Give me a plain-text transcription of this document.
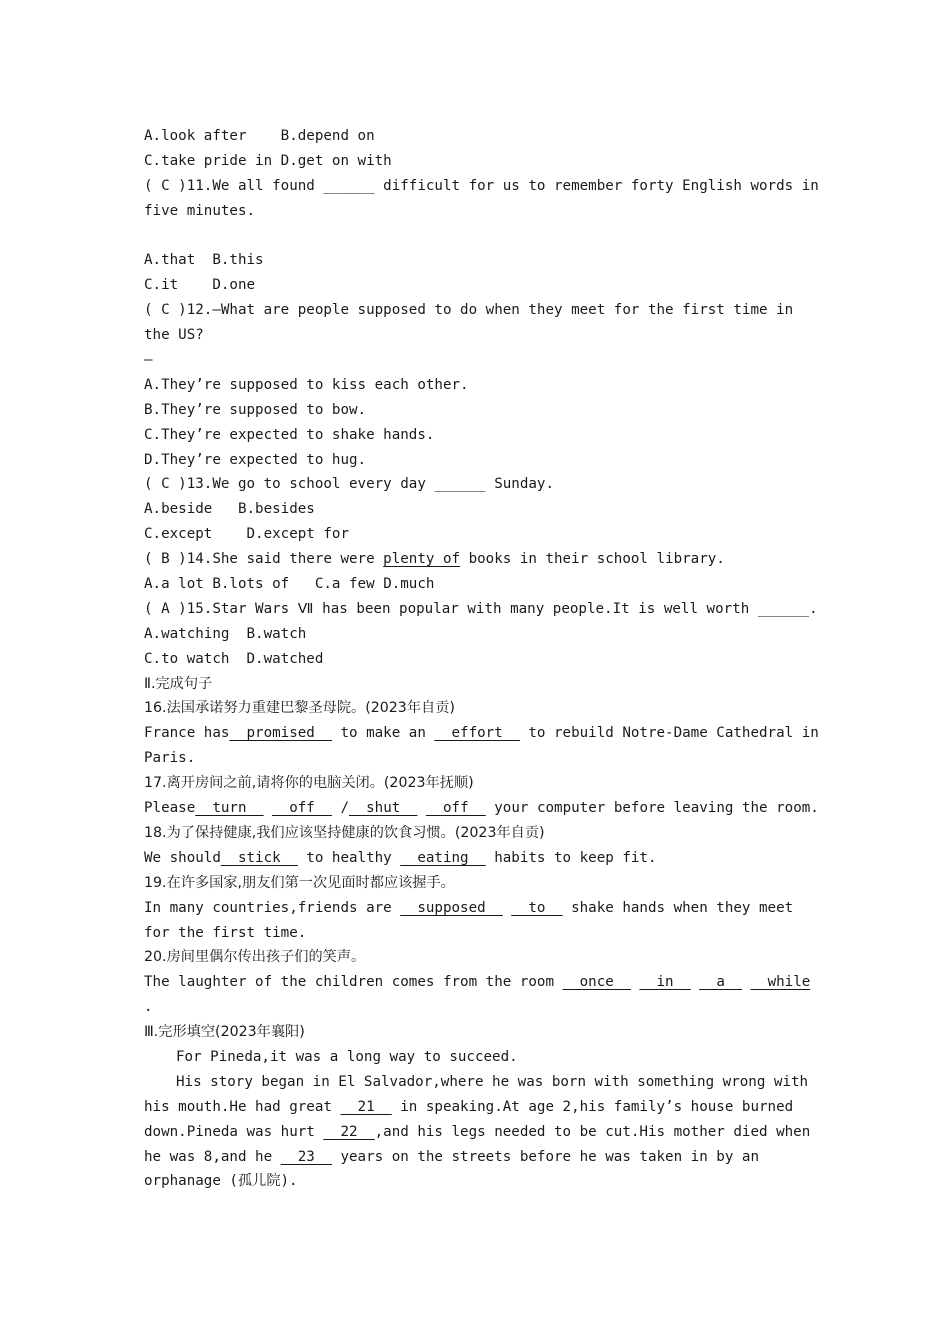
A.look after B.depend on
C.take pride in D.get on with
( C )11.We all found ______ difficult for us to remember forty English words in
five minutes.
A.that B.this
C.it D.one
( C )12.—What are people supposed to do when they meet for the first time in
the US?
—
A.They’re supposed to kiss each other.
B.They’re supposed to bow.
C.They’re expected to shake hands.
D.They’re expected to hug.
( C )13.We go to school every day ______ Sunday.
A.beside B.besides
C.except D.except for
( B )14.She said there were plenty of books in their school library.
A.a lot B.lots of C.a few D.much
( A )15.Star Wars Ⅶ has been popular with many people.It is well worth ______.
A.watching B.watch
C.to watch D.watched
Ⅱ.完成句子
16.法国承诺努力重建巴黎圣母院。(2023年自贡)
France has__promised__ to make an __effort__ to rebuild Notre-Dame Cathedral in
Paris.
17.离开房间之前,请将你的电脑关闭。(2023年抚顺)
Please__turn__ __off__ /__shut__ __off__ your computer before leaving the room.
18.为了保持健康,我们应该坚持健康的饮食习惯。(2023年自贡)
We should__stick__ to healthy __eating__ habits to keep fit.
19.在许多国家,朋友们第一次见面时都应该握手。
In many countries,friends are __supposed__ __to__ shake hands when they meet
for the first time.
20.房间里偶尔传出孩子们的笑声。
The laughter of the children comes from the room __once__ __in__ __a__ __while
.
Ⅲ.完形填空(2023年襄阳)
For Pineda,it was a long way to succeed.
His story began in El Salvador,where he was born with something wrong with
his mouth.He had great __21__ in speaking.At age 2,his family’s house burned
down.Pineda was hurt __22__,and his legs needed to be cut.His mother died when
he was 8,and he __23__ years on the streets before he was taken in by an
orphanage (孤儿院).
